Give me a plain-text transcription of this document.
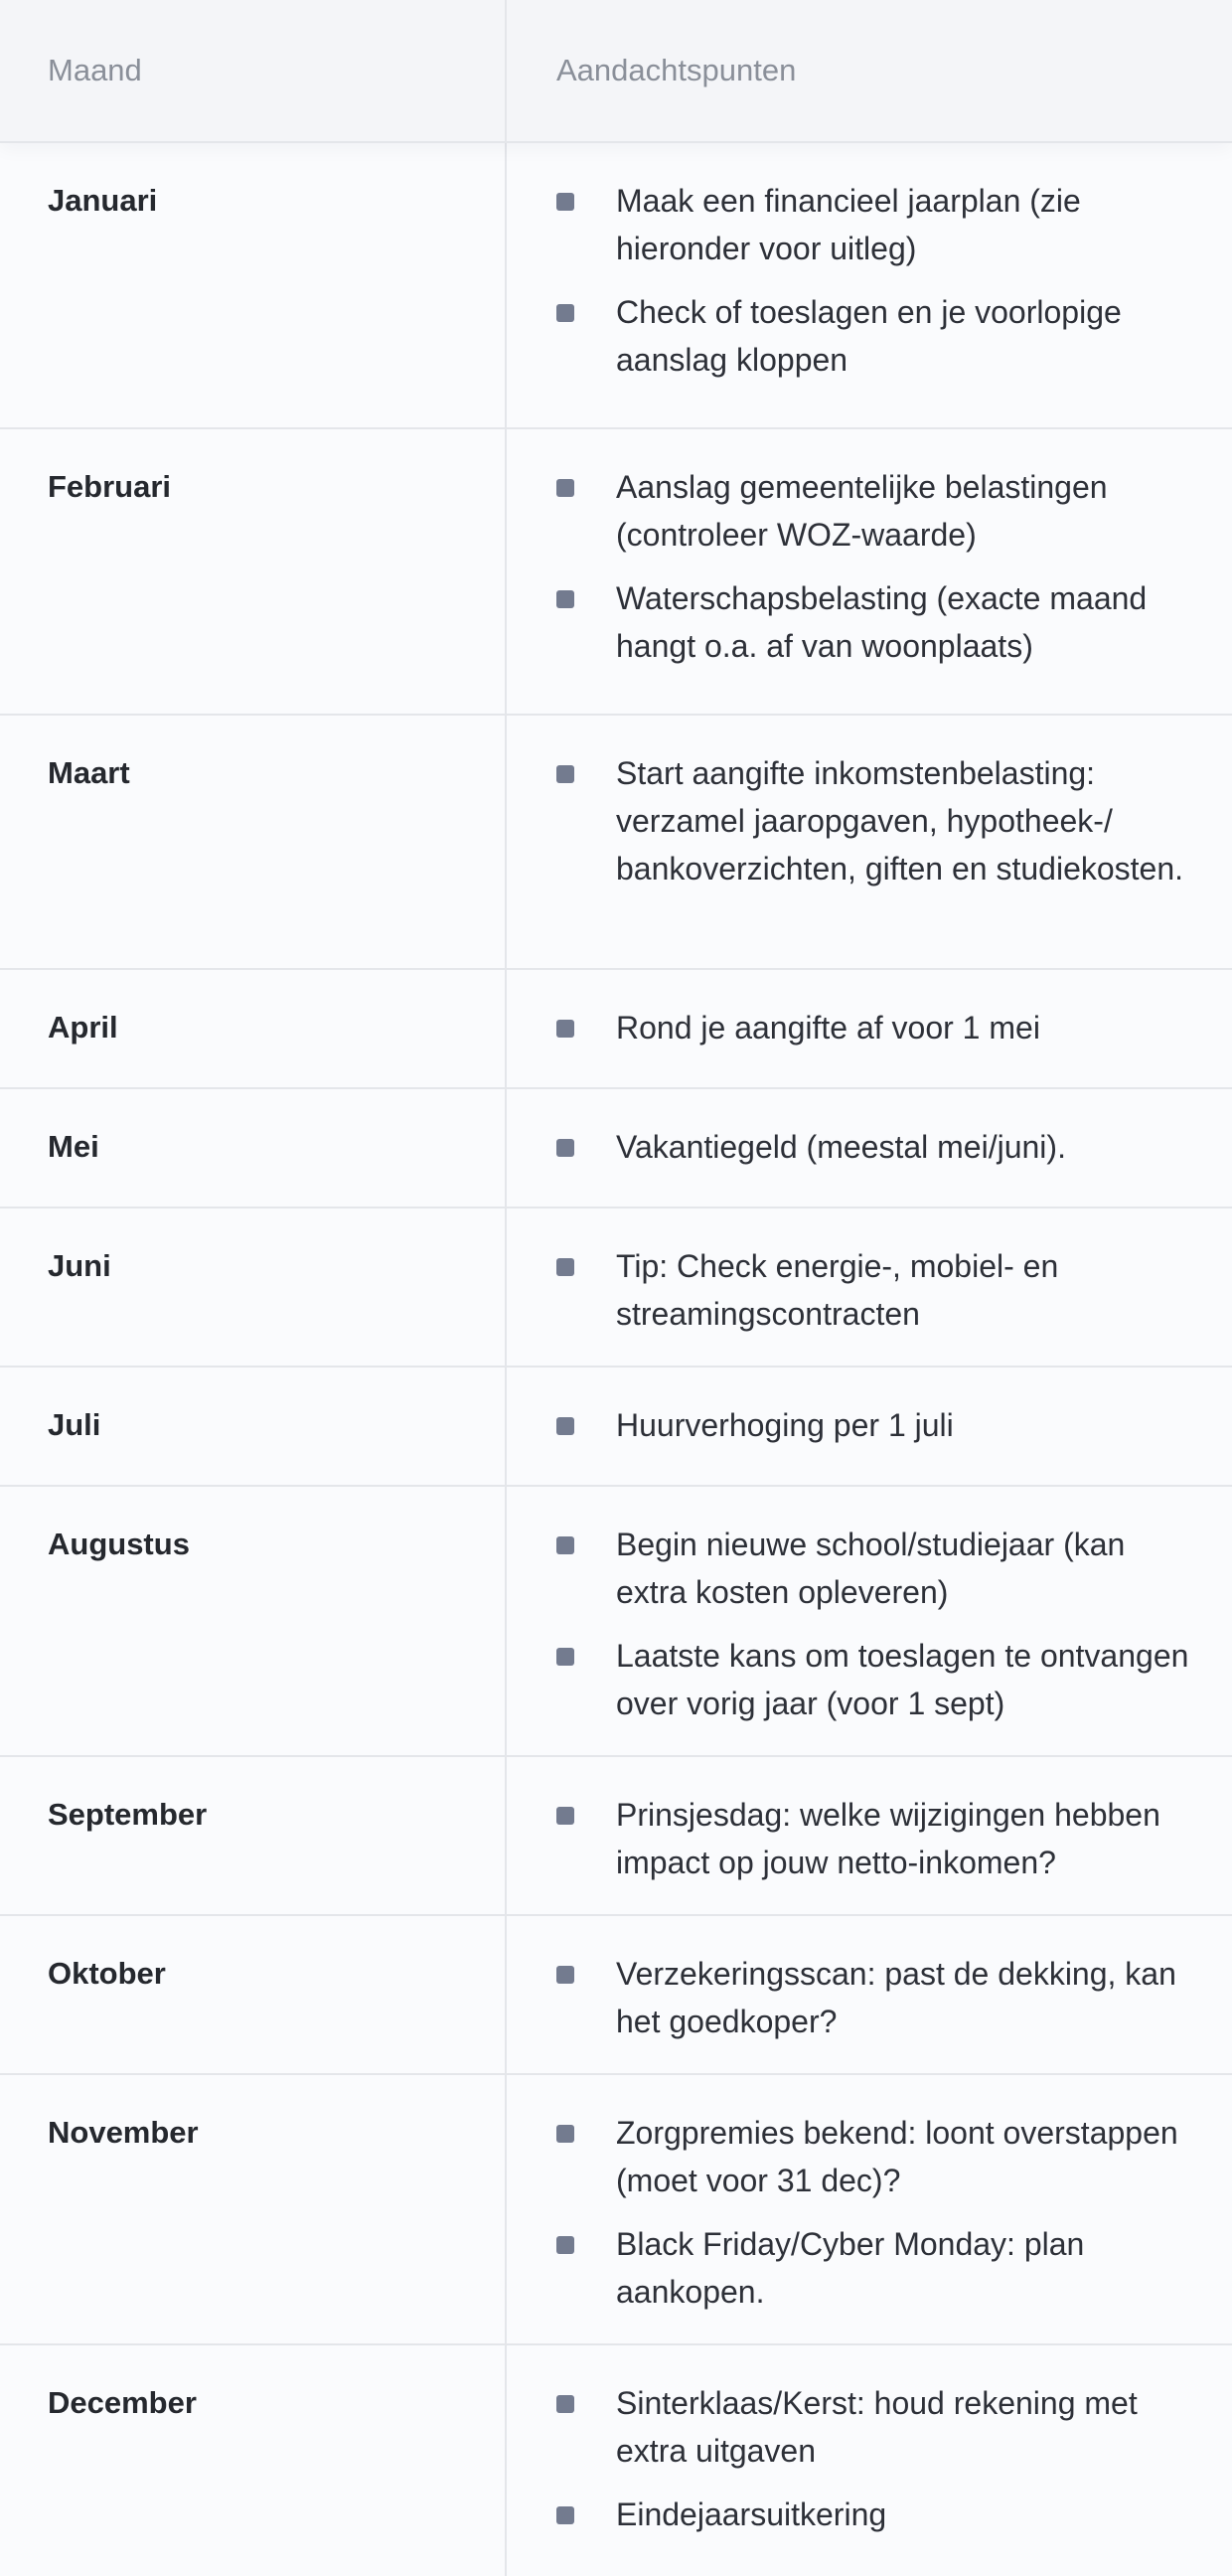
Maand	Aandachtspunten
Januari	Maak een financieel jaarplan (zie hieronder voor uitleg)
Check of toeslagen en je voorlopige aanslag kloppen
Februari	Aanslag gemeentelijke belastingen (controleer WOZ-waarde)
Waterschapsbelasting (exacte maand hangt o.a. af van woonplaats)
Maart	Start aangifte inkomstenbelasting: verzamel jaaropgaven, hypotheek-/ bankoverzichten, giften en studiekosten.
April	Rond je aangifte af voor 1 mei
Mei	Vakantiegeld (meestal mei/juni).
Juni	Tip: Check energie-, mobiel- en streamingscontracten
Juli	Huurverhoging per 1 juli
Augustus	Begin nieuwe school/studiejaar (kan extra kosten opleveren)
Laatste kans om toeslagen te ontvangen over vorig jaar (voor 1 sept)
September	Prinsjesdag: welke wijzigingen hebben impact op jouw netto-inkomen?
Oktober	Verzekeringsscan: past de dekking, kan het goedkoper?
November	Zorgpremies bekend: loont overstappen (moet voor 31 dec)?
Black Friday/Cyber Monday: plan aankopen.
December	Sinterklaas/Kerst: houd rekening met extra uitgaven
Eindejaarsuitkering
